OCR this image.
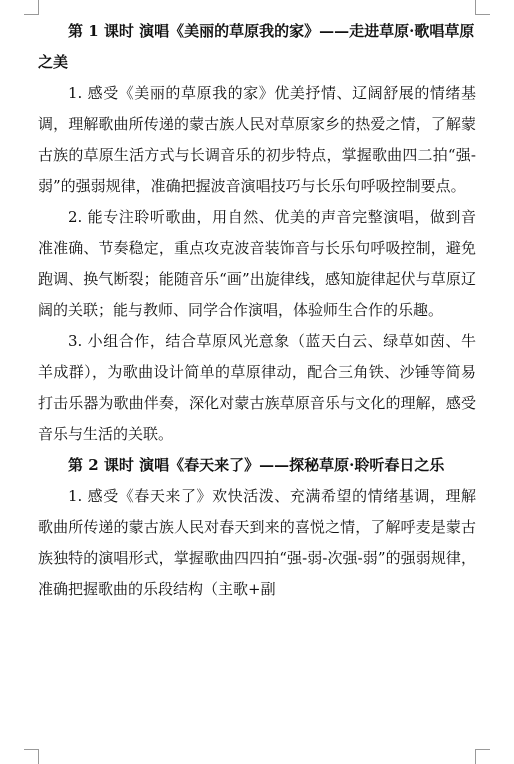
第 1 课时 演唱《美丽的草原我的家》——走进草原·歌唱草原之美

1. 感受《美丽的草原我的家》优美抒情、辽阔舒展的情绪基调，理解歌曲所传递的蒙古族人民对草原家乡的热爱之情，了解蒙古族的草原生活方式与长调音乐的初步特点，掌握歌曲四二拍“强-弱”的强弱规律，准确把握波音演唱技巧与长乐句呼吸控制要点。

2. 能专注聆听歌曲，用自然、优美的声音完整演唱，做到音准准确、节奏稳定，重点攻克波音装饰音与长乐句呼吸控制，避免跑调、换气断裂；能随音乐“画”出旋律线，感知旋律起伏与草原辽阔的关联；能与教师、同学合作演唱，体验师生合作的乐趣。

3. 小组合作，结合草原风光意象（蓝天白云、绿草如茵、牛羊成群），为歌曲设计简单的草原律动，配合三角铁、沙锤等简易打击乐器为歌曲伴奏，深化对蒙古族草原音乐与文化的理解，感受音乐与生活的关联。

第 2 课时 演唱《春天来了》——探秘草原·聆听春日之乐

1. 感受《春天来了》欢快活泼、充满希望的情绪基调，理解歌曲所传递的蒙古族人民对春天到来的喜悦之情，了解呼麦是蒙古族独特的演唱形式，掌握歌曲四四拍“强-弱-次强-弱”的强弱规律，准确把握歌曲的乐段结构（主歌+副
